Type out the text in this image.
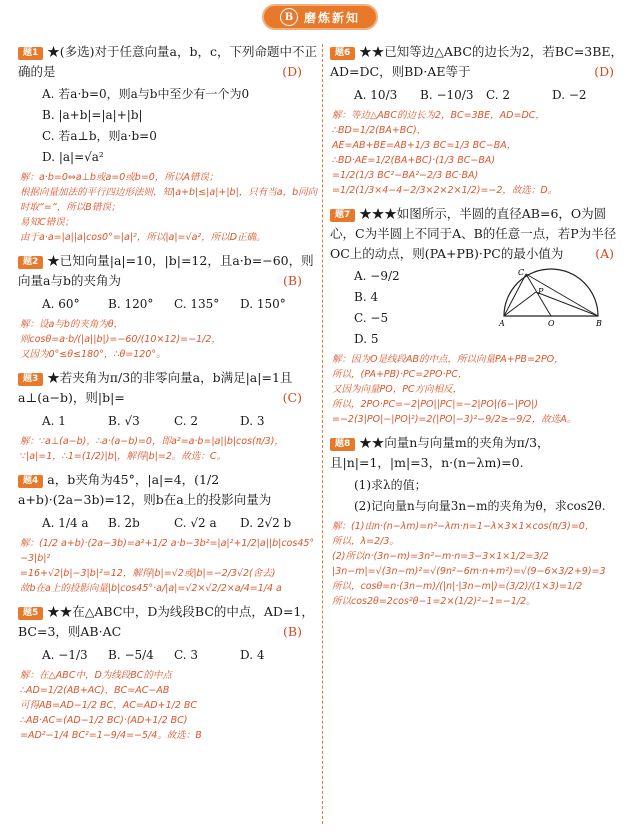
B 磨炼新知
题1 ★(多选)对于任意向量a，b，c，下列命题中不正确的是	(D)
A. 若a·b=0，则a与b中至少有一个为0
B. |a+b|=|a|+|b|
C. 若a⊥b，则a·b=0
D. |a|=√a²
解：a·b=0⇔a⊥b或a=0或b=0，所以A错误；
根据向量加法的平行四边形法则，知|a+b|≤|a|+|b|，只有当a，b同向时取“=”，所以B错误；
易知C错误；
由于a·a=|a||a|cos0°=|a|²，所以|a|=√a²，所以D正确。
题2 ★已知向量|a|=10，|b|=12，且a·b=−60，则向量a与b的夹角为	(B)
A. 60°	B. 120°	C. 135°	D. 150°
解：设a与b的夹角为θ，
则cosθ=a·b/(|a||b|)=−60/(10×12)=−1/2，
又因为0°≤θ≤180°，∴θ=120°。
题3 ★若夹角为π/3的非零向量a，b满足|a|=1且a⊥(a−b)，则|b|=	(C)
A. 1	B. √3	C. 2	D. 3
解：∵a⊥(a−b)，∴a·(a−b)=0，即a²=a·b=|a||b|cos(π/3)，
∵|a|=1，∴1=(1/2)|b|，解得|b|=2。故选：C。
题4 a，b夹角为45°，|a|=4，(1/2 a+b)·(2a−3b)=12，则b在a上的投影向量为
A. 1/4 a	B. 2b	C. √2 a	D. 2√2 b
解：(1/2 a+b)·(2a−3b)=a²+1/2 a·b−3b²=|a|²+1/2|a||b|cos45°−3|b|²
=16+√2|b|−3|b|²=12，解得|b|=√2或|b|=−2/3√2(舍去)
故b在a上的投影向量|b|cos45°·a/|a|=√2×√2/2×a/4=1/4 a
题5 ★★在△ABC中，D为线段BC的中点，AD=1，BC=3，则AB·AC	(B)
A. −1/3	B. −5/4	C. 3	D. 4
解：在△ABC中，D为线段BC的中点
∴AD=1/2(AB+AC)，BC=AC−AB
可得AB=AD−1/2 BC，AC=AD+1/2 BC
∴AB·AC=(AD−1/2 BC)·(AD+1/2 BC)
=AD²−1/4 BC²=1−9/4=−5/4。故选：B
题6 ★★已知等边△ABC的边长为2，若BC=3BE，AD=DC，则BD·AE等于	(D)
A. 10/3	B. −10/3	C. 2	D. −2
解：等边△ABC的边长为2，BC=3BE，AD=DC，
∴BD=1/2(BA+BC)，
AE=AB+BE=AB+1/3 BC=1/3 BC−BA，
∴BD·AE=1/2(BA+BC)·(1/3 BC−BA)
=1/2(1/3 BC²−BA²−2/3 BC·BA)
=1/2(1/3×4−4−2/3×2×2×1/2)=−2，故选：D。
题7 ★★★如图所示，半圆的直径AB=6，O为圆心，C为半圆上不同于A、B的任意一点，若P为半径OC上的动点，则(PA+PB)·PC的最小值为	(A)
A. −9/2
B. 4
C. −5
D. 5
C
P
A	O	B
解：因为O是线段AB的中点，所以向量PA+PB=2PO，
所以，(PA+PB)·PC=2PO·PC，
又因为向量PO，PC方向相反，
所以，2PO·PC=−2|PO||PC|=−2|PO|(6−|PO|)
=−2(3|PO|−|PO|²)=2(|PO|−3)²−9/2≥−9/2，故选A。
题8 ★★向量n与向量m的夹角为π/3，且|n|=1，|m|=3，n·(n−λm)=0.
(1)求λ的值；
(2)记向量n与向量3n−m的夹角为θ，求cos2θ.
解：(1)由n·(n−λm)=n²−λm·n=1−λ×3×1×cos(π/3)=0，
所以，λ=2/3。
(2)所以n·(3n−m)=3n²−m·n=3−3×1×1/2=3/2
|3n−m|=√(3n−m)²=√(9n²−6m·n+m²)=√(9−6×3/2+9)=3
所以，cosθ=n·(3n−m)/(|n|·|3n−m|)=(3/2)/(1×3)=1/2
所以cos2θ=2cos²θ−1=2×(1/2)²−1=−1/2。
